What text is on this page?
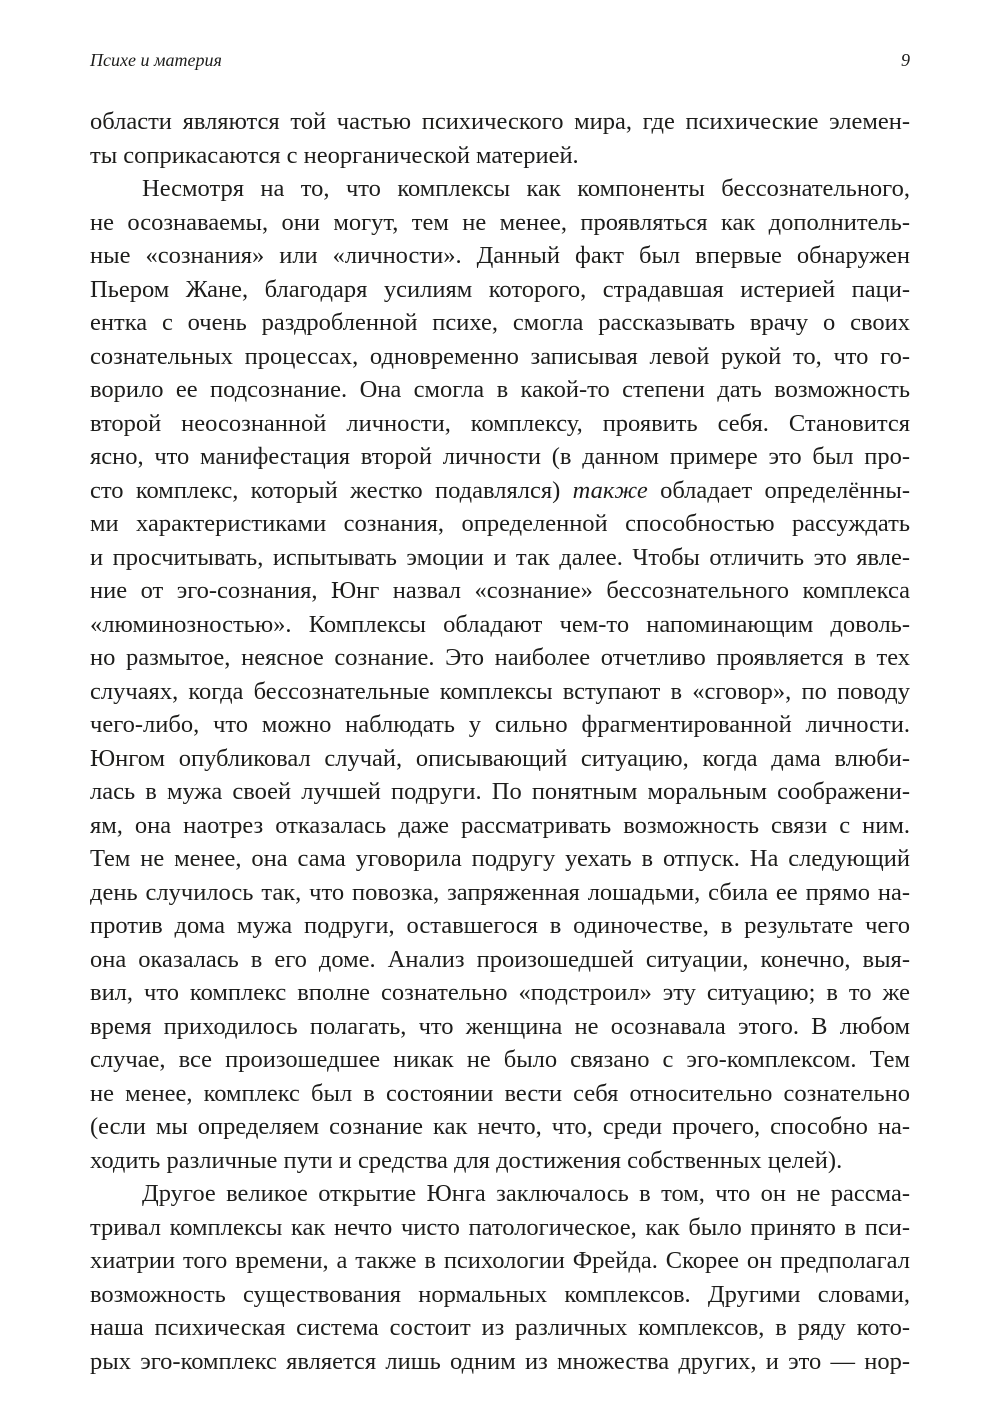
Психе и материя	9
области являются той частью психического мира, где психические элемен-
ты соприкасаются с неорганической материей.
Несмотря на то, что комплексы как компоненты бессознательного,
не осознаваемы, они могут, тем не менее, проявляться как дополнитель-
ные «сознания» или «личности». Данный факт был впервые обнаружен
Пьером Жане, благодаря усилиям которого, страдавшая истерией паци-
ентка с очень раздробленной психе, смогла рассказывать врачу о своих
сознательных процессах, одновременно записывая левой рукой то, что го-
ворило ее подсознание. Она смогла в какой-то степени дать возможность
второй неосознанной личности, комплексу, проявить себя. Становится
ясно, что манифестация второй личности (в данном примере это был про-
сто комплекс, который жестко подавлялся) также обладает определённы-
ми характеристиками сознания, определенной способностью рассуждать
и просчитывать, испытывать эмоции и так далее. Чтобы отличить это явле-
ние от эго-сознания, Юнг назвал «сознание» бессознательного комплекса
«люминозностью». Комплексы обладают чем-то напоминающим доволь-
но размытое, неясное сознание. Это наиболее отчетливо проявляется в тех
случаях, когда бессознательные комплексы вступают в «сговор», по поводу
чего-либо, что можно наблюдать у сильно фрагментированной личности.
Юнгом опубликовал случай, описывающий ситуацию, когда дама влюби-
лась в мужа своей лучшей подруги. По понятным моральным соображени-
ям, она наотрез отказалась даже рассматривать возможность связи с ним.
Тем не менее, она сама уговорила подругу уехать в отпуск. На следующий
день случилось так, что повозка, запряженная лошадьми, сбила ее прямо на-
против дома мужа подруги, оставшегося в одиночестве, в результате чего
она оказалась в его доме. Анализ произошедшей ситуации, конечно, выя-
вил, что комплекс вполне сознательно «подстроил» эту ситуацию; в то же
время приходилось полагать, что женщина не осознавала этого. В любом
случае, все произошедшее никак не было связано с эго-комплексом. Тем
не менее, комплекс был в состоянии вести себя относительно сознательно
(если мы определяем сознание как нечто, что, среди прочего, способно на-
ходить различные пути и средства для достижения собственных целей).
Другое великое открытие Юнга заключалось в том, что он не рассма-
тривал комплексы как нечто чисто патологическое, как было принято в пси-
хиатрии того времени, а также в психологии Фрейда. Скорее он предполагал
возможность существования нормальных комплексов. Другими словами,
наша психическая система состоит из различных комплексов, в ряду кото-
рых эго-комплекс является лишь одним из множества других, и это — нор-
